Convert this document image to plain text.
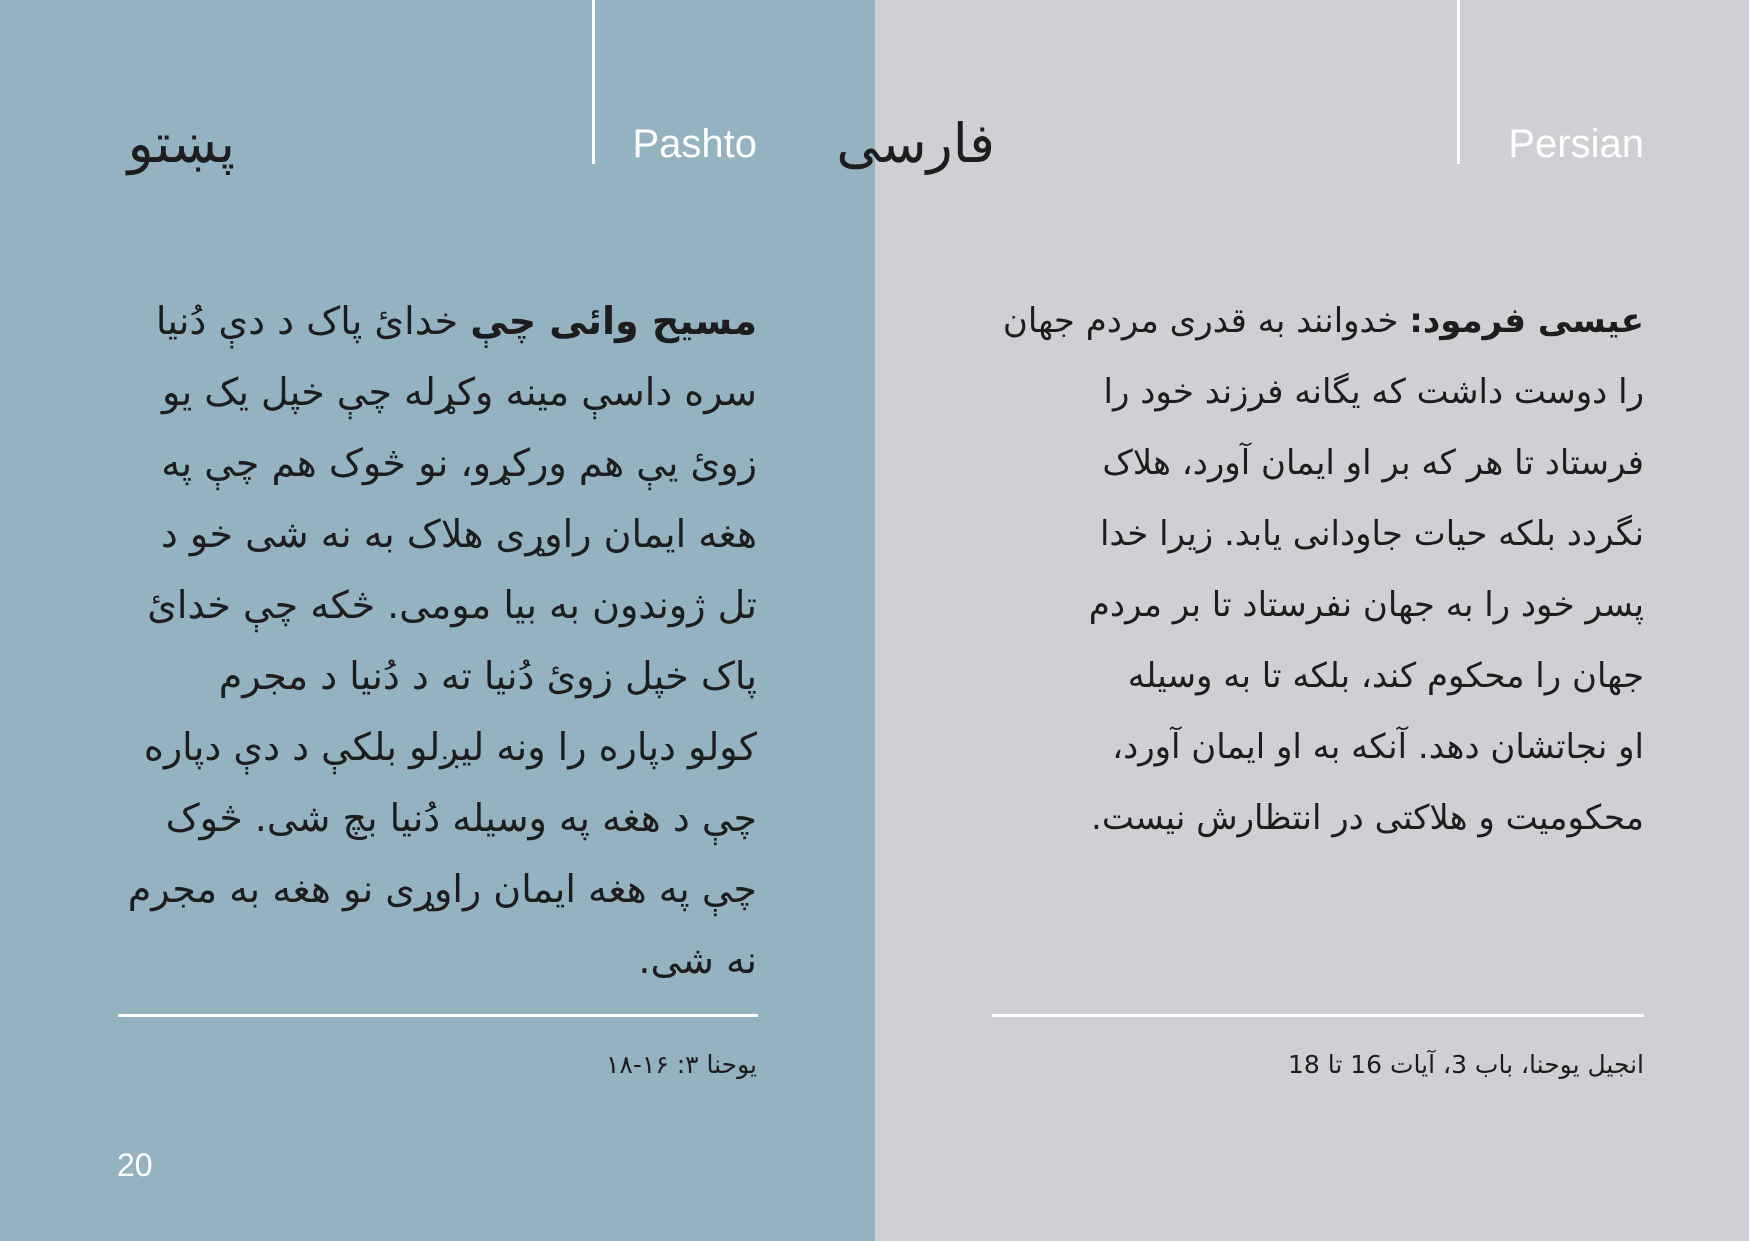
Pashto
پښتو
مسیح وائی چې خدایٔ پاک د دې دُنیا
سره داسې مینه وکړله چې خپل یک یو
زویٔ یې هم ورکړو، نو څوک هم چې په
هغه ایمان راوړی هلاک به نه شی خو د
تل ژوندون به بیا مومی. څکه چې خدایٔ
پاک خپل زویٔ دُنیا ته د دُنیا د مجرم
کولو دپاره را ونه لیږلو بلکې د دې دپاره
چې د هغه په وسیله دُنیا بچ شی. څوک
چې په هغه ایمان راوړی نو هغه به مجرم
نه شی.
یوحنا ۳: ۱۶-۱۸
20
Persian
فارسی
عیسی فرمود: خدوانند به قدری مردم جهان
را دوست داشت که یگانه فرزند خود را
فرستاد تا هر که بر او ایمان آورد، هلاک
نگردد بلکه حیات جاودانی یابد. زیرا خدا
پسر خود را به جهان نفرستاد تا بر مردم
جهان را محکوم کند، بلکه تا به وسیله
او نجاتشان دهد. آنکه به او ایمان آورد،
محکومیت و هلاکتی در انتظارش نیست.
انجیل یوحنا، باب 3، آیات 16 تا 18
